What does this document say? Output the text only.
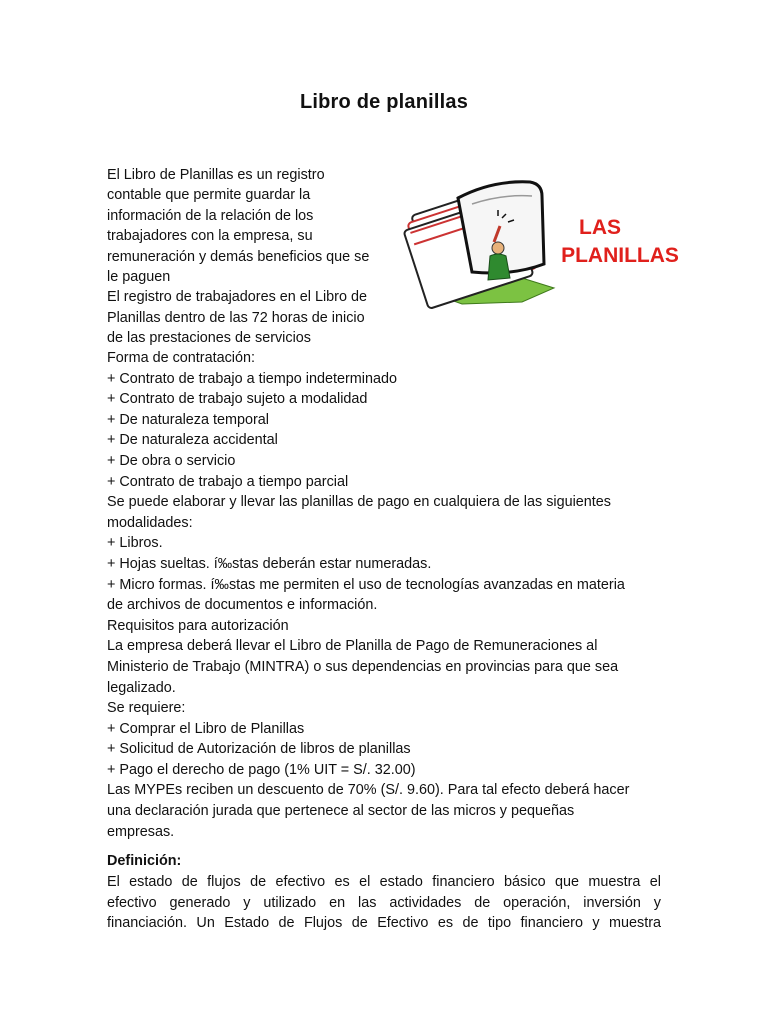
Libro de planillas
El Libro de Planillas es un registro
contable que permite guardar la
información de la relación de los
trabajadores con la empresa, su
remuneración y demás beneficios que se
le paguen
El registro de trabajadores en el Libro de
Planillas dentro de las 72 horas de inicio
de las prestaciones de servicios
LAS
PLANILLAS
Forma de contratación:
+ Contrato de trabajo a tiempo indeterminado
+ Contrato de trabajo sujeto a modalidad
+ De naturaleza temporal
+ De naturaleza accidental
+ De obra o servicio
+ Contrato de trabajo a tiempo parcial
Se puede elaborar y llevar las planillas de pago en cualquiera de las siguientes
modalidades:
+ Libros.
+ Hojas sueltas. í‰stas deberán estar numeradas.
+ Micro formas. í‰stas me permiten el uso de tecnologías avanzadas en materia
de archivos de documentos e información.
Requisitos para autorización
La empresa deberá llevar el Libro de Planilla de Pago de Remuneraciones al
Ministerio de Trabajo (MINTRA) o sus dependencias en provincias para que sea
legalizado.
Se requiere:
+ Comprar el Libro de Planillas
+ Solicitud de Autorización de libros de planillas
+ Pago el derecho de pago (1% UIT = S/. 32.00)
Las MYPEs reciben un descuento de 70% (S/. 9.60). Para tal efecto deberá hacer
una declaración jurada que pertenece al sector de las micros y pequeñas
empresas.
Definición:
El estado de flujos de efectivo es el estado financiero básico que muestra el
efectivo generado y utilizado en las actividades de operación, inversión y
financiación. Un Estado de Flujos de Efectivo es de tipo financiero y muestra
